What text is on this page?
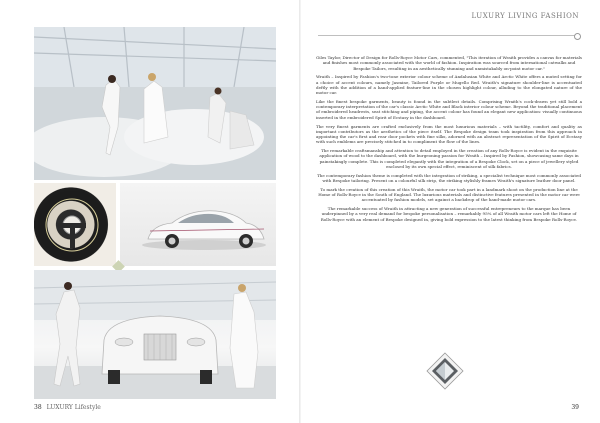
38 LUXURY Lifestyle
LUXURY LIVING FASHION

Giles Taylor, Director of Design for Rolls-Royce Motor Cars, commented, "This iteration of Wraith provides a canvas for materials and finishes most commonly associated with the world of fashion. Inspiration was sourced from international catwalks and Bespoke Tailors, resulting in an aesthetically stunning and unmistakably on-point motor car."

Wraith – Inspired by Fashion's two-tone exterior colour scheme of Andalusian White and Arctic White offers a muted setting for a choice of accent colours, namely Jasmine, Tailored Purple or Mugello Red. Wraith's signature shoulder-line is accentuated deftly with the addition of a hand-applied feature-line in the chosen highlight colour, alluding to the elongated nature of the motor car.

Like the finest bespoke garments, beauty is found in the subtlest details. Comprising Wraith's cock-drawn yet still bold a contemporary interpretation of the car's classic Arctic White and Black interior colour scheme. Beyond the traditional placement of embroidered headrests, seat stitching and piping, the accent colour has found an elegant new application: visually continuous inserted in the embroidered Spirit of Ecstasy in the dashboard.

The very finest garments are crafted exclusively from the most luxurious materials – with tactility, comfort and quality as important contributors as the aesthetics of the piece itself. The Bespoke design team took inspiration from this approach in appointing the car's first and rear door pockets with fine silks, adorned with an abstract representation of the Spirit of Ecstasy with such emblems are precisely stitched in to compliment the flow of the lines.

The remarkable craftsmanship and attention to detail employed in the creation of any Rolls-Royce is evident in the exquisite application of wood to the dashboard, with the burgeoning passion for Wraith – Inspired by Fashion, showcasing same days in painstakingly complete. This is completed elegantly with the integration of a Bespoke Clock, set on a piece of jewellery styled enclosed by its own special effect, reminiscent of silk fabrics.

The contemporary fashion theme is completed with the integration of striking, a specialist technique most commonly associated with Bespoke tailoring. Present on a colourful silk strip, the striking stylishly frames Wraith's signature leather door panel.

To mark the creation of this creation of this Wraith, the motor car took part in a landmark shoot on the production line at the Home of Rolls-Royce in the South of England. The luxurious materials and distinctive features presented in the motor car were accentuated by fashion models, set against a backdrop of the hand-made motor cars.

The remarkable success of Wraith in attracting a new generation of successful entrepreneurs to the marque has been underpinned by a very real demand for bespoke personalisation – remarkably 95% of all Wraith motor cars left the Home of Rolls-Royce with an element of Bespoke designed in, giving bold expression to the latest thinking from Bespoke Rolls-Royce.

39
